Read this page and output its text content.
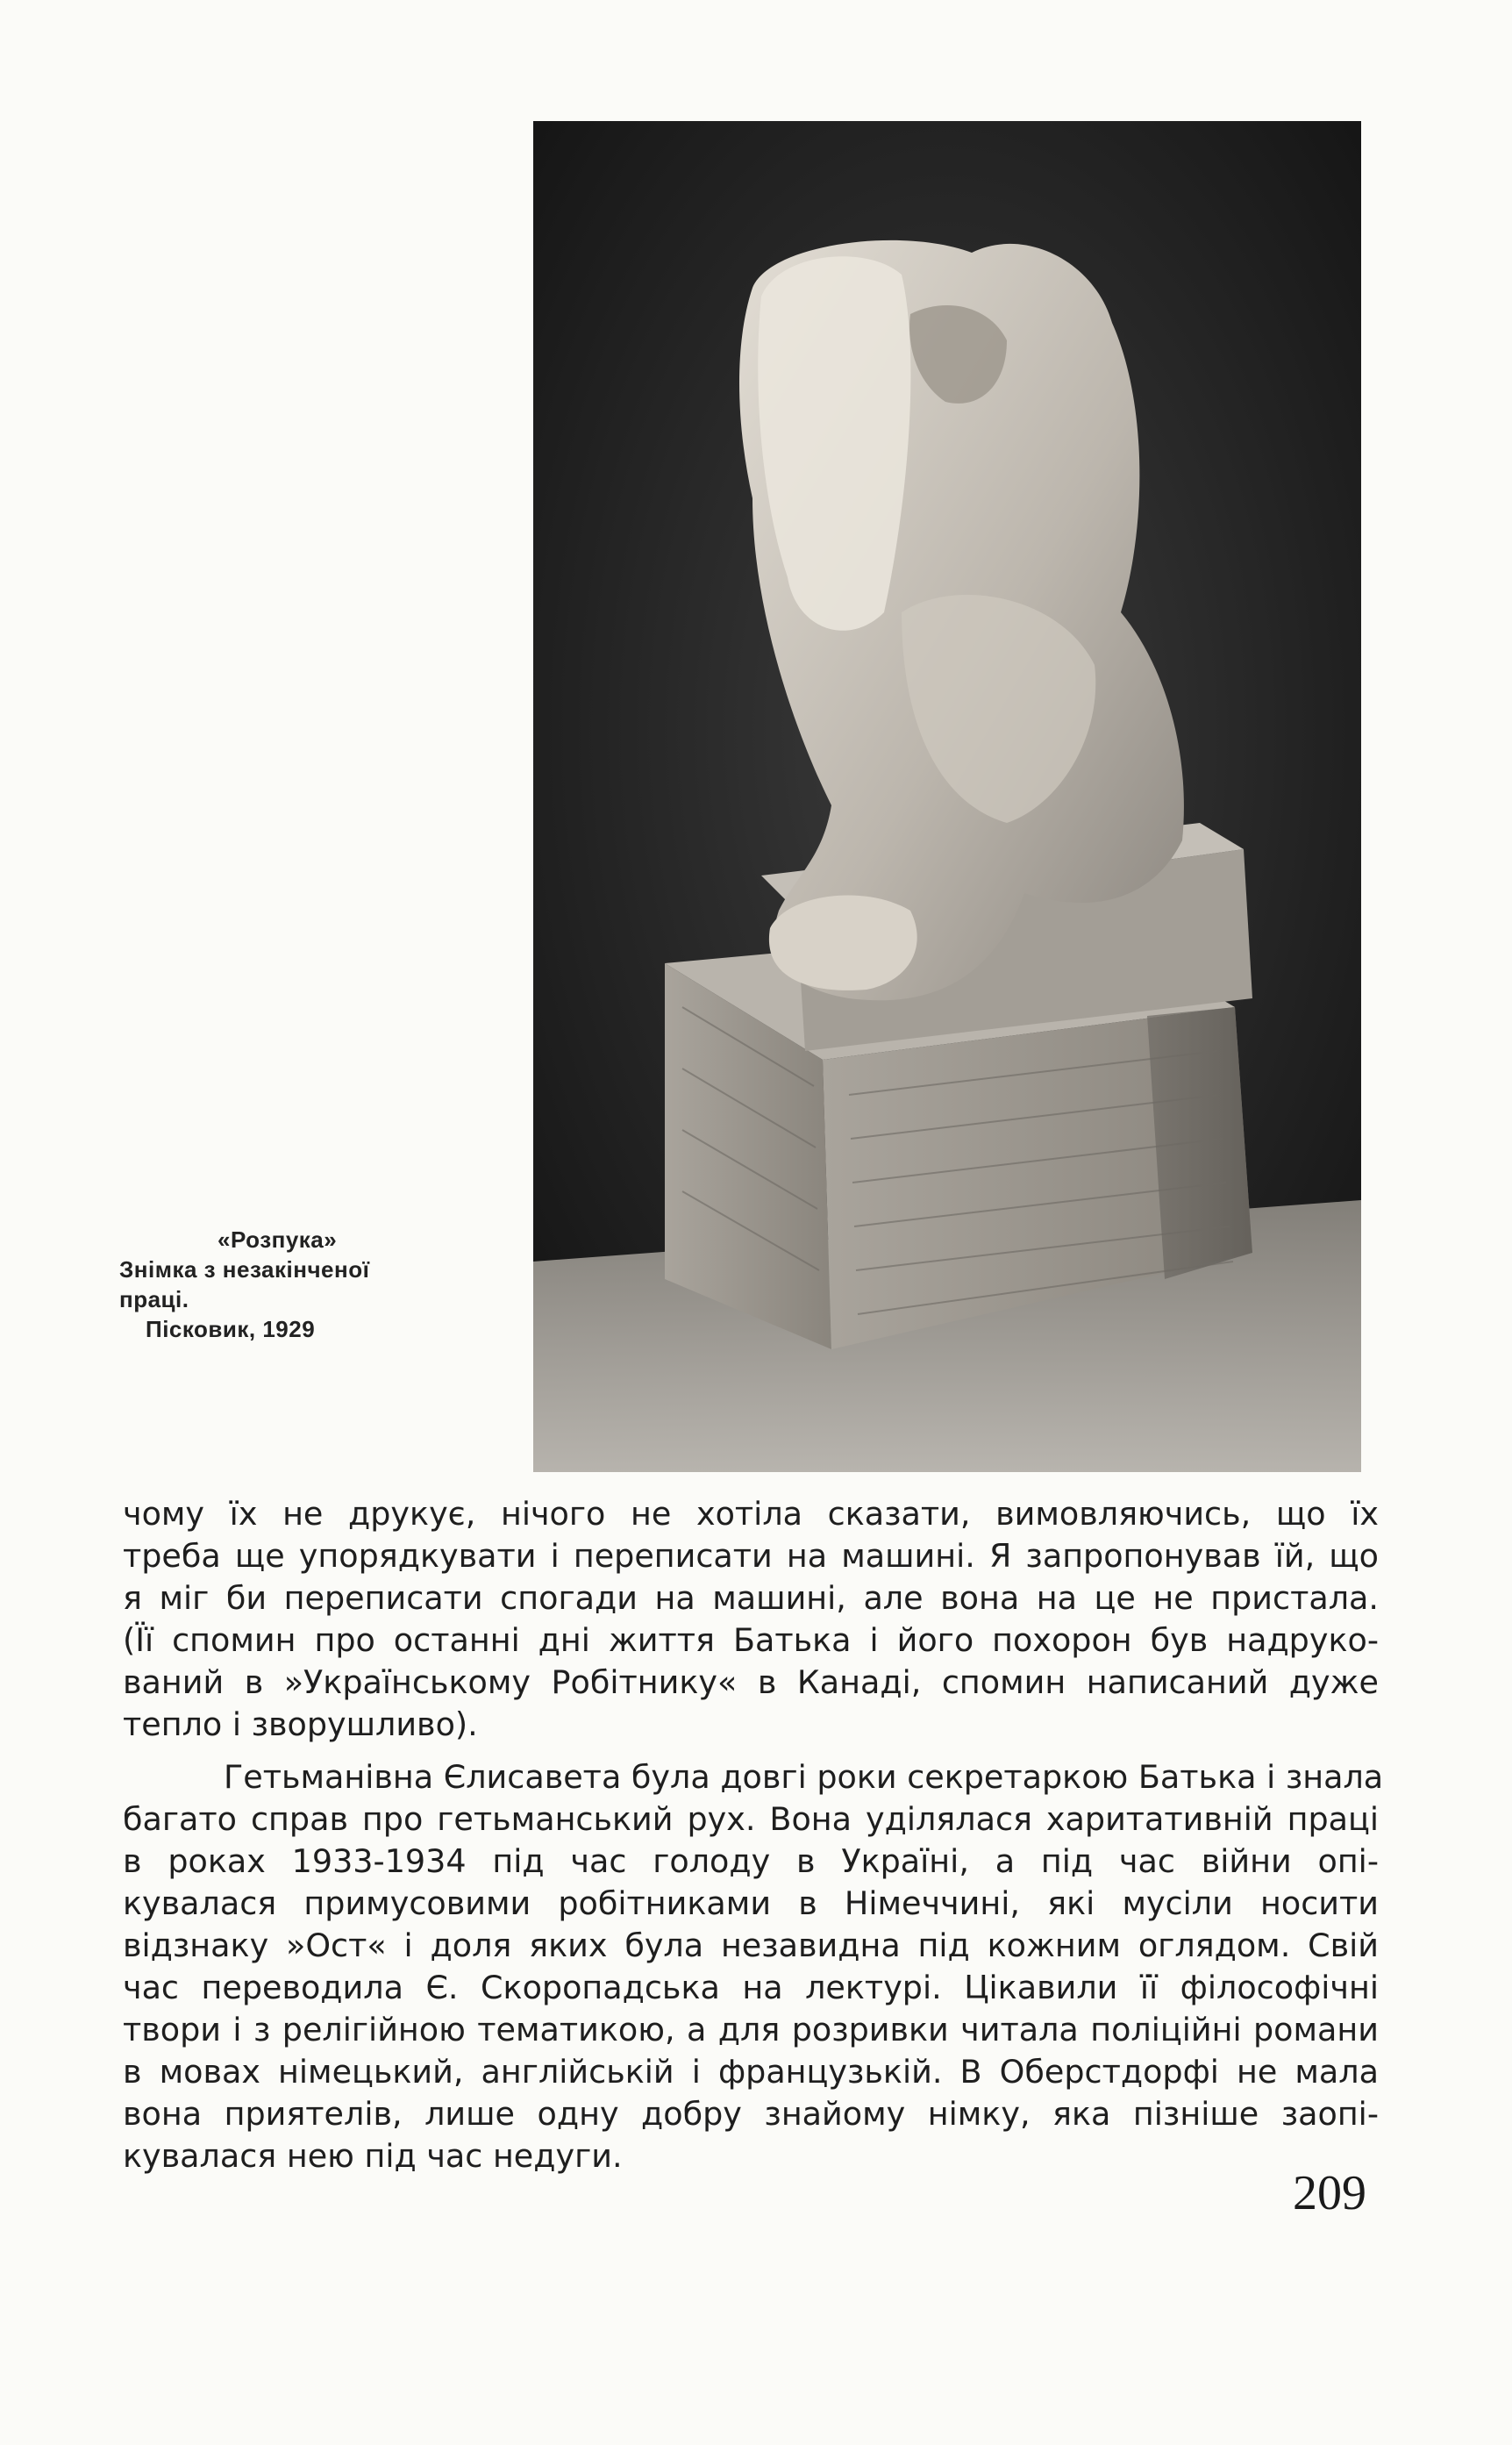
«Розпука»
Знімка з незакінченої
праці.
Пісковик, 1929

чому їх не друкує, нічого не хотіла сказати, вимовляючись, що їх
треба ще упорядкувати і переписати на машині. Я запропонував їй, що
я міг би переписати спогади на машині, але вона на це не пристала.
(Її спомин про останні дні життя Батька і його похорон був надруко-
ваний в »Українському Робітнику« в Канаді, спомин написаний дуже
тепло і зворушливо).

Гетьманівна Єлисавета була довгі роки секретаркою Батька і знала
багато справ про гетьманський рух. Вона уділялася харитативній праці
в роках 1933-1934 під час голоду в Україні, а під час війни опі-
кувалася примусовими робітниками в Німеччині, які мусіли носити
відзнаку »Ост« і доля яких була незавидна під кожним оглядом. Свій
час переводила Є. Скоропадська на лектурі. Цікавили її філософічні
твори і з релігійною тематикою, а для розривки читала поліційні романи
в мовах німецький, англійській і французькій. В Оберстдорфі не мала
вона приятелів, лише одну добру знайому німку, яка пізніше заопі-
кувалася нею під час недуги.

209
